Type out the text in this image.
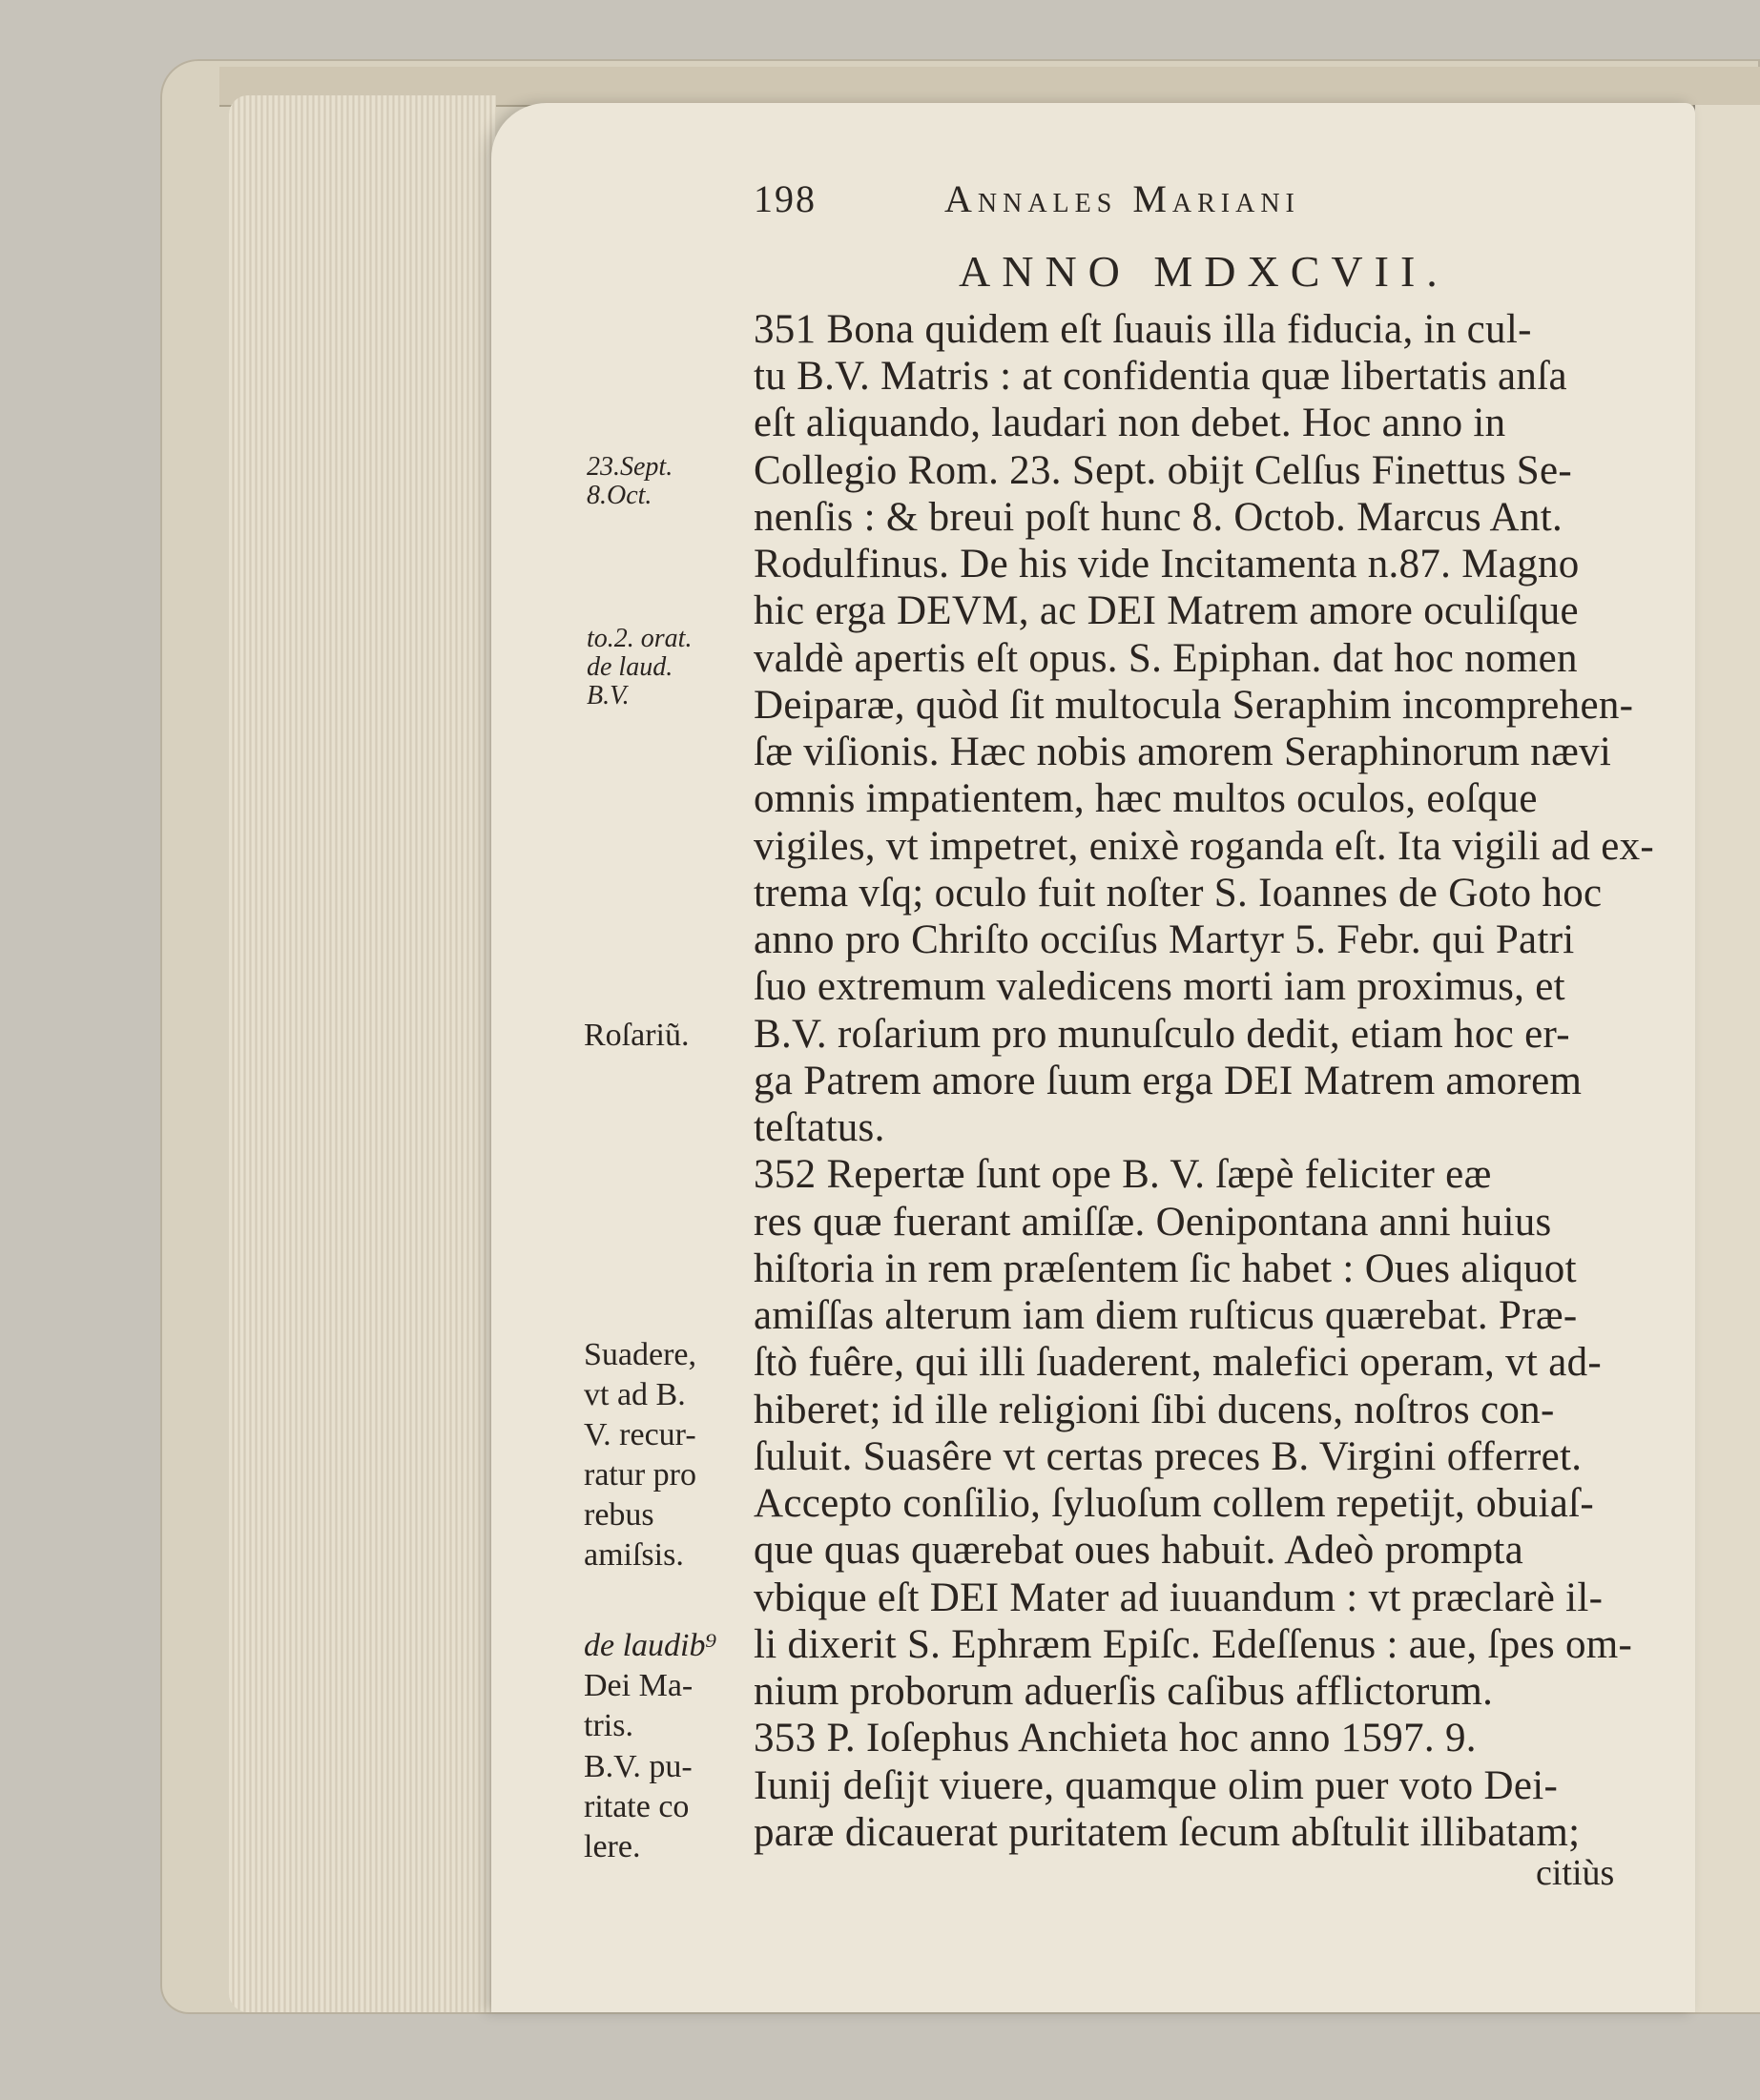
198	Annales Mariani
ANNO MDXCVII.
351 Bona quidem eſt ſuauis illa fiducia, in cul-
tu B.V. Matris : at confidentia quæ libertatis anſa
eſt aliquando, laudari non debet. Hoc anno in
Collegio Rom. 23. Sept. obijt Celſus Finettus Se-
nenſis : & breui poſt hunc 8. Octob. Marcus Ant.
Rodulfinus. De his vide Incitamenta n.87. Magno
hic erga DEVM, ac DEI Matrem amore oculiſque
valdè apertis eſt opus. S. Epiphan. dat hoc nomen
Deiparæ, quòd ſit multocula Seraphim incomprehen-
ſæ viſionis. Hæc nobis amorem Seraphinorum nævi
omnis impatientem, hæc multos oculos, eoſque
vigiles, vt impetret, enixè roganda eſt. Ita vigili ad ex-
trema vſq; oculo fuit noſter S. Ioannes de Goto hoc
anno pro Chriſto occiſus Martyr 5. Febr. qui Patri
ſuo extremum valedicens morti iam proximus, et
B.V. roſarium pro munuſculo dedit, etiam hoc er-
ga Patrem amore ſuum erga DEI Matrem amorem
teſtatus.
352 Repertæ ſunt ope B. V. ſæpè feliciter eæ
res quæ fuerant amiſſæ. Oenipontana anni huius
hiſtoria in rem præſentem ſic habet : Oues aliquot
amiſſas alterum iam diem ruſticus quærebat. Præ-
ſtò fuêre, qui illi ſuaderent, malefici operam, vt ad-
hiberet; id ille religioni ſibi ducens, noſtros con-
ſuluit. Suasêre vt certas preces B. Virgini offerret.
Accepto conſilio, ſyluoſum collem repetijt, obuiaſ-
que quas quærebat oues habuit. Adeò prompta
vbique eſt DEI Mater ad iuuandum : vt præclarè il-
li dixerit S. Ephræm Epiſc. Edeſſenus : aue, ſpes om-
nium proborum aduerſis caſibus afflictorum.
353 P. Ioſephus Anchieta hoc anno 1597. 9.
Iunij deſijt viuere, quamque olim puer voto Dei-
paræ dicauerat puritatem ſecum abſtulit illibatam;
23.Sept.
8.Oct.
to.2. orat.
de laud.
B.V.
Roſariũ.
Suadere,
vt ad B.
V. recur-
ratur pro
rebus
amiſsis.
de laudib⁹
Dei Ma-
tris.
B.V. pu-
ritate co
lere.
citiùs
